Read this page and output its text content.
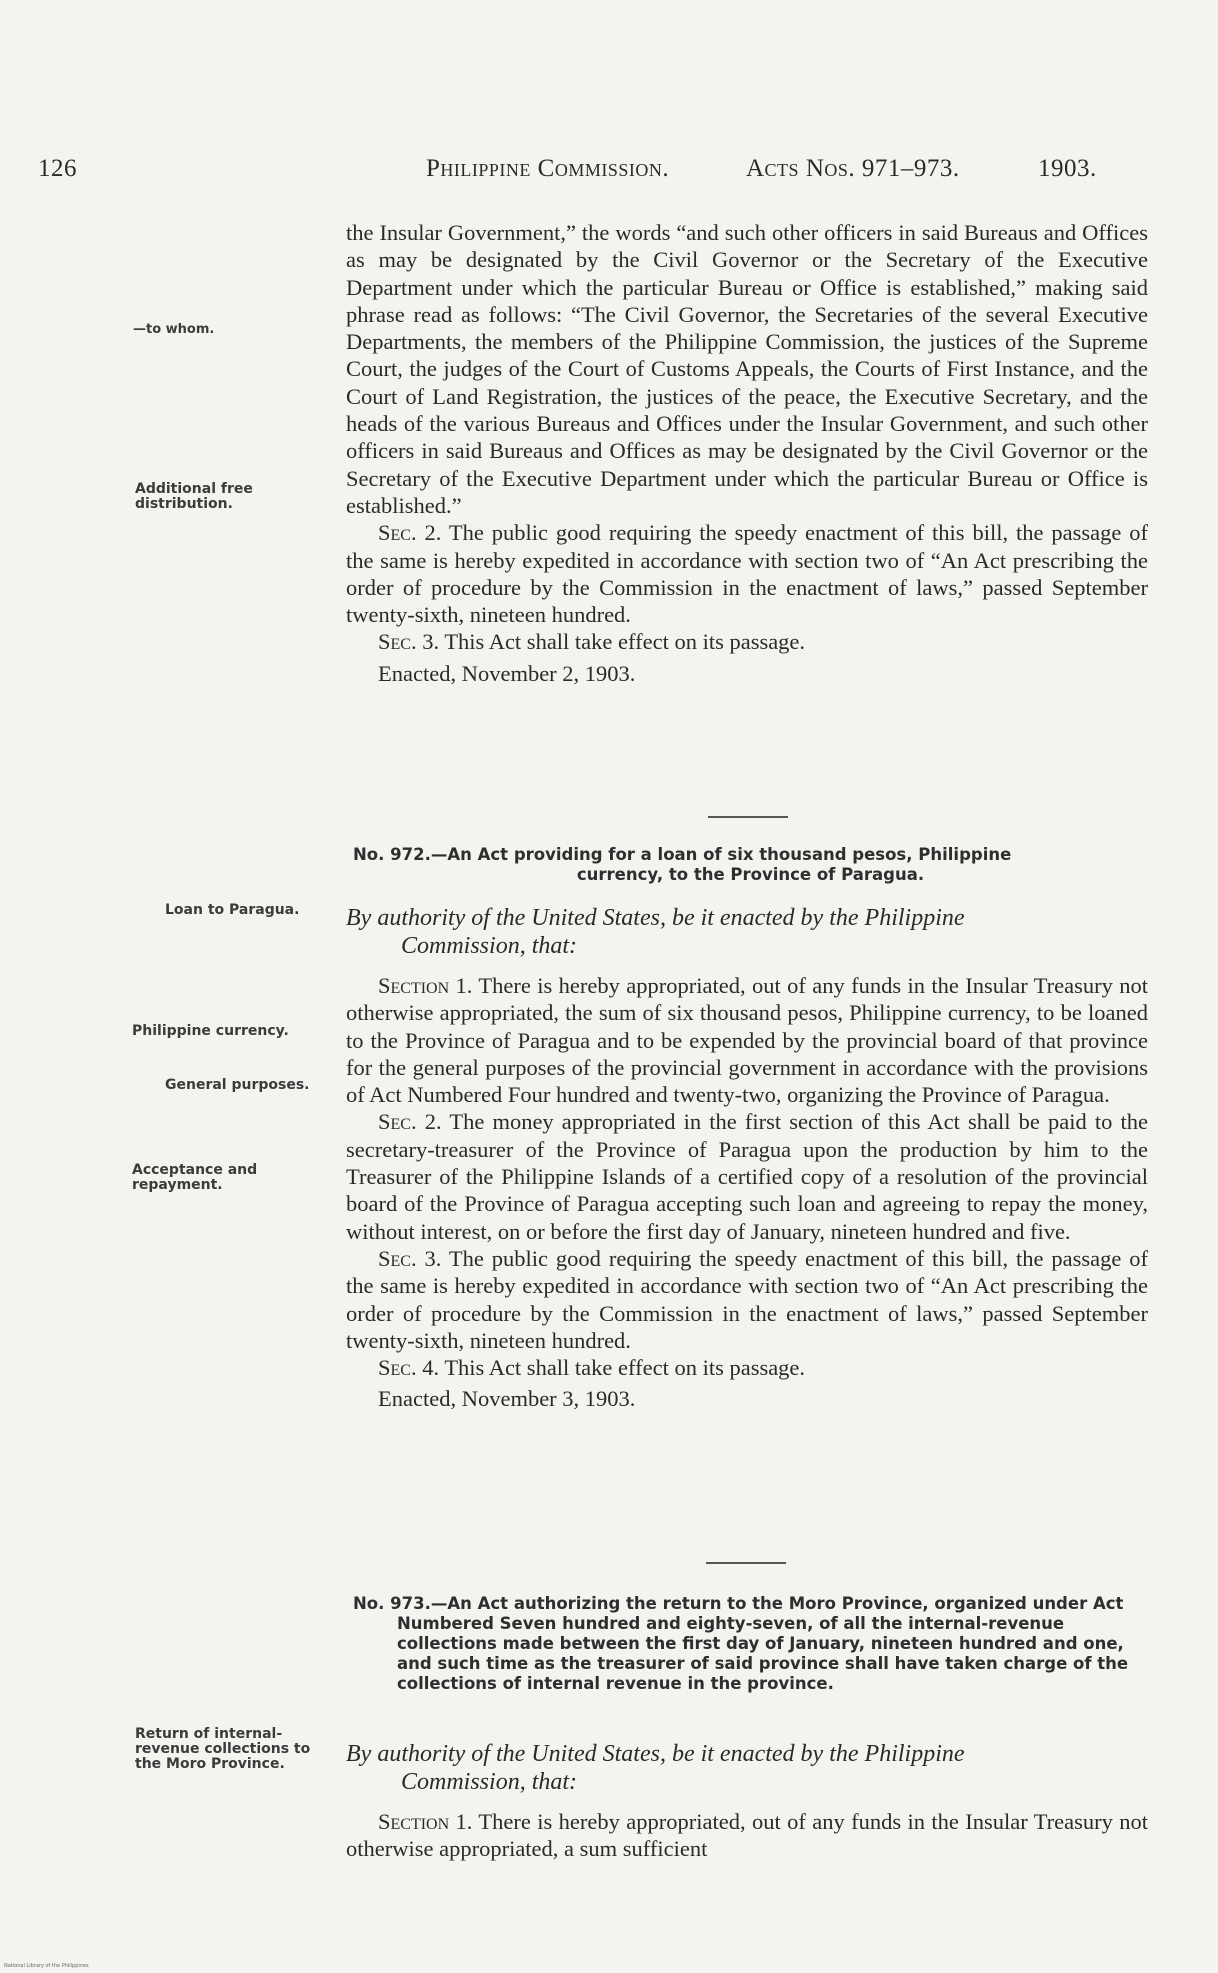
126	Philippine Commission.	Acts Nos. 971–973.	1903.

the Insular Government,” the words “and such other officers in said Bureaus and Offices as may be designated by the Civil Governor or the Secretary of the Executive Department under which the particular Bureau or Office is established,” making said phrase read as follows: “The Civil Governor, the Secretaries of the several Executive Departments, the members of the Philippine Commission, the justices of the Supreme Court, the judges of the Court of Customs Appeals, the Courts of First Instance, and the Court of Land Registration, the justices of the peace, the Executive Secretary, and the heads of the various Bureaus and Offices under the Insular Government, and such other officers in said Bureaus and Offices as may be designated by the Civil Governor or the Secretary of the Executive Department under which the particular Bureau or Office is established.”

Sec. 2. The public good requiring the speedy enactment of this bill, the passage of the same is hereby expedited in accordance with section two of “An Act prescribing the order of procedure by the Commission in the enactment of laws,” passed September twenty-sixth, nineteen hundred.

Sec. 3. This Act shall take effect on its passage.

Enacted, November 2, 1903.

—to whom.
Additional free distribution.
No. 972.—An Act providing for a loan of six thousand pesos, Philippine
currency, to the Province of Paragua.
Loan to Paragua.	By authority of the United States, be it enacted by the Philippine
Commission, that:

Section 1. There is hereby appropriated, out of any funds in the Insular Treasury not otherwise appropriated, the sum of six thousand pesos, Philippine currency, to be loaned to the Province of Paragua and to be expended by the provincial board of that province for the general purposes of the provincial government in accordance with the provisions of Act Numbered Four hundred and twenty-two, organizing the Province of Paragua.

Sec. 2. The money appropriated in the first section of this Act shall be paid to the secretary-treasurer of the Province of Paragua upon the production by him to the Treasurer of the Philippine Islands of a certified copy of a resolution of the provincial board of the Province of Paragua accepting such loan and agreeing to repay the money, without interest, on or before the first day of January, nineteen hundred and five.

Sec. 3. The public good requiring the speedy enactment of this bill, the passage of the same is hereby expedited in accordance with section two of “An Act prescribing the order of procedure by the Commission in the enactment of laws,” passed September twenty-sixth, nineteen hundred.

Sec. 4. This Act shall take effect on its passage.

Enacted, November 3, 1903.

Philippine currency.
General purposes.
Acceptance and repayment.
No. 973.—An Act authorizing the return to the Moro Province, organized under Act Numbered Seven hundred and eighty-seven, of all the internal-revenue collections made between the first day of January, nineteen hundred and one, and such time as the treasurer of said province shall have taken charge of the collections of internal revenue in the province.
Return of internal-revenue collections to the Moro Province.	By authority of the United States, be it enacted by the Philippine
Commission, that:

Section 1. There is hereby appropriated, out of any funds in the Insular Treasury not otherwise appropriated, a sum sufficient

National Library of the Philippines
